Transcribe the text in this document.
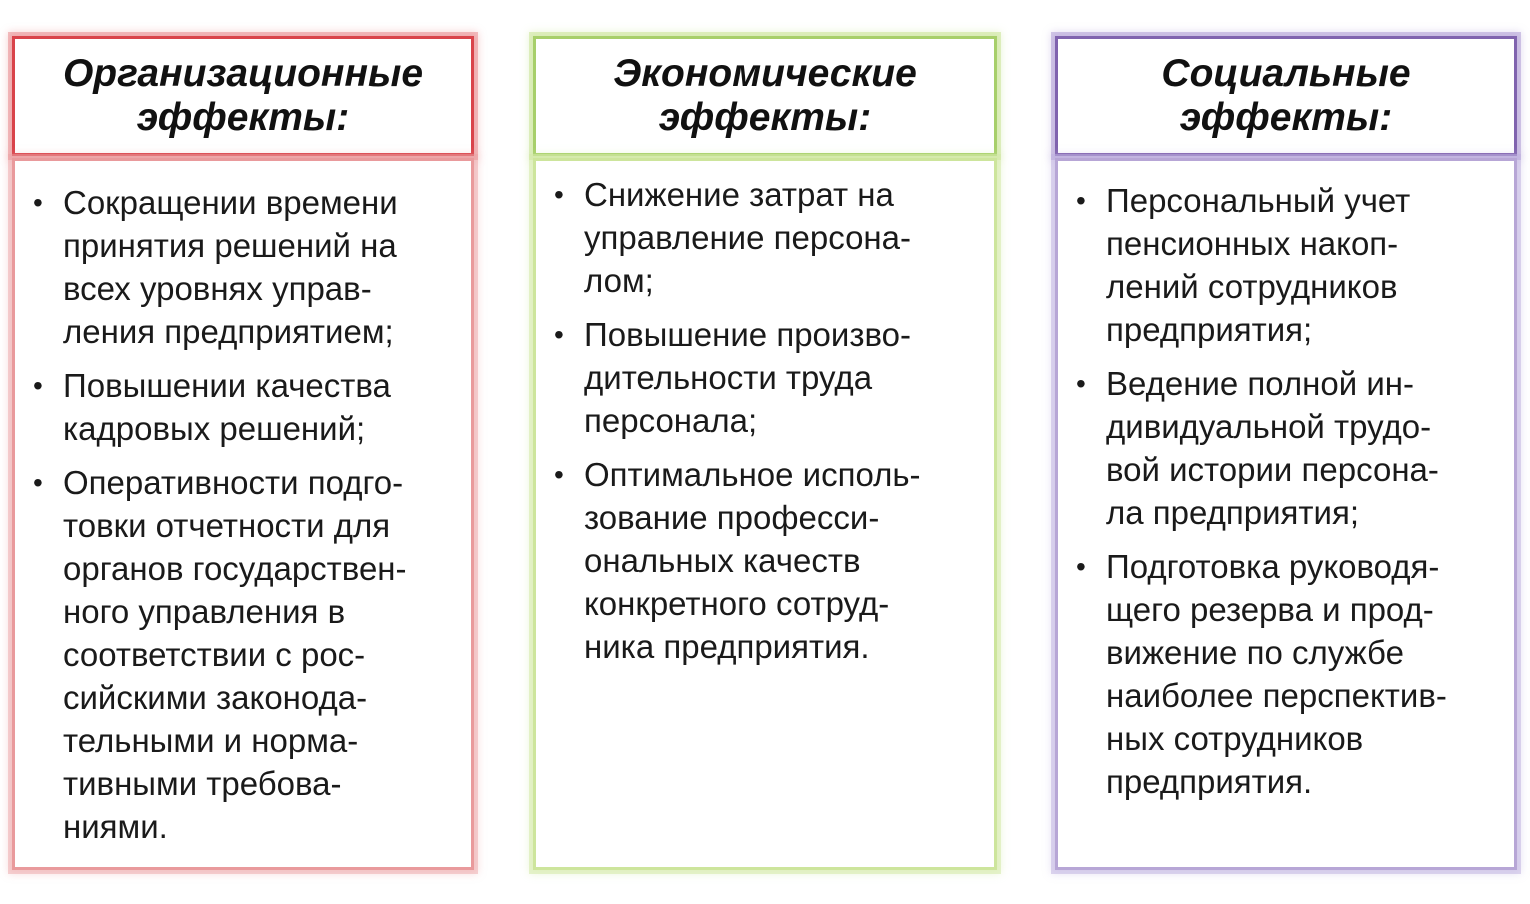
Организационные
эффекты:
• Сокращении времени
принятия решений на
всех уровнях управ-
ления предприятием;
• Повышении качества
кадровых решений;
• Оперативности подго-
товки отчетности для
органов государствен-
ного управления в
соответствии с рос-
сийскими законода-
тельными и норма-
тивными требова-
ниями.
Экономические
эффекты:
• Снижение затрат на
управление персона-
лом;
• Повышение произво-
дительности труда
персонала;
• Оптимальное исполь-
зование професси-
ональных качеств
конкретного сотруд-
ника предприятия.
Социальные
эффекты:
• Персональный учет
пенсионных накоп-
лений сотрудников
предприятия;
• Ведение полной ин-
дивидуальной трудо-
вой истории персона-
ла предприятия;
• Подготовка руководя-
щего резерва и прод-
вижение по службе
наиболее перспектив-
ных сотрудников
предприятия.
